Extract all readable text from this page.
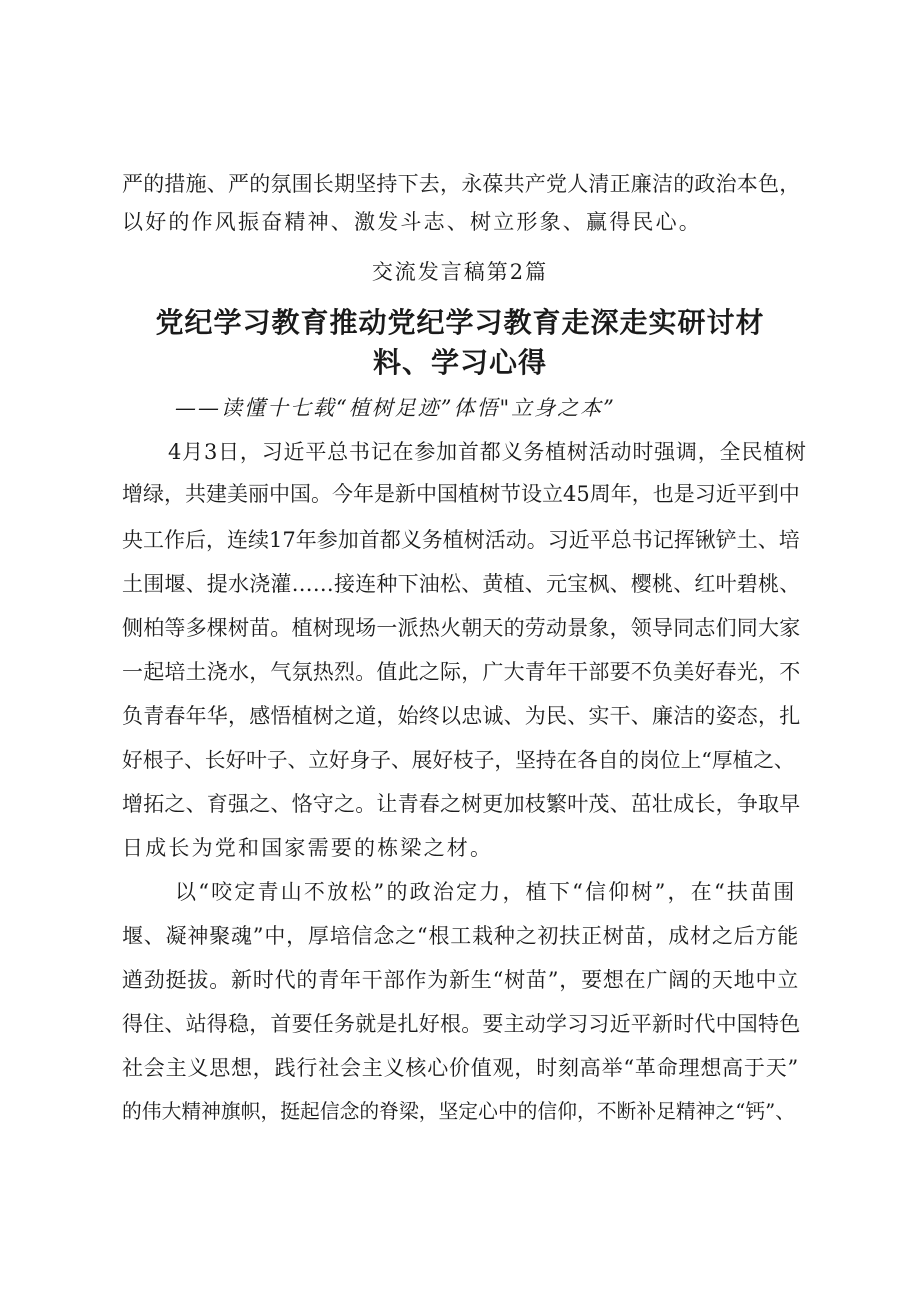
严的措施、严的氛围长期坚持下去，永葆共产党人清正廉洁的政治本色，
以好的作风振奋精神、激发斗志、树立形象、赢得民心。
交流发言稿第2篇
党纪学习教育推动党纪学习教育走深走实研讨材
料、学习心得
——读懂十七载“植树足迹”体悟"立身之本”
4月3日，习近平总书记在参加首都义务植树活动时强调，全民植树
增绿，共建美丽中国。今年是新中国植树节设立45周年，也是习近平到中
央工作后，连续17年参加首都义务植树活动。习近平总书记挥锹铲土、培
土围堰、提水浇灌……接连种下油松、黄植、元宝枫、樱桃、红叶碧桃、
侧柏等多棵树苗。植树现场一派热火朝天的劳动景象，领导同志们同大家
一起培土浇水，气氛热烈。值此之际，广大青年干部要不负美好春光，不
负青春年华，感悟植树之道，始终以忠诚、为民、实干、廉洁的姿态，扎
好根子、长好叶子、立好身子、展好枝子，坚持在各自的岗位上“厚植之、
增拓之、育强之、恪守之。让青春之树更加枝繁叶茂、茁壮成长，争取早
日成长为党和国家需要的栋梁之材。
以“咬定青山不放松”的政治定力，植下“信仰树”，在“扶苗围
堰、凝神聚魂”中，厚培信念之“根工栽种之初扶正树苗，成材之后方能
遒劲挺拔。新时代的青年干部作为新生“树苗”，要想在广阔的天地中立
得住、站得稳，首要任务就是扎好根。要主动学习习近平新时代中国特色
社会主义思想，践行社会主义核心价值观，时刻高举“革命理想高于天”
的伟大精神旗帜，挺起信念的脊梁，坚定心中的信仰，不断补足精神之“钙”、
